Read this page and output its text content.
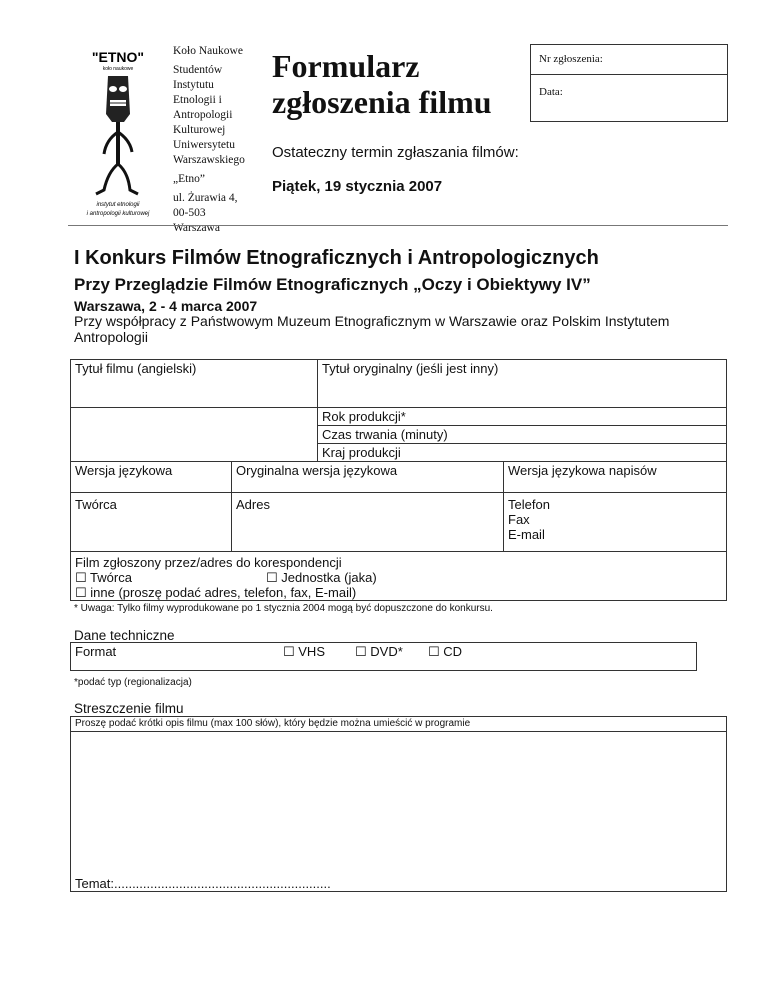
"ETNO"
koło naukowe
instytut etnologii
i antropologii kulturowej
Koło Naukowe
Studentów
Instytutu
Etnologii i
Antropologii
Kulturowej
Uniwersytetu
Warszawskiego
„Etno”
ul. Żurawia 4,
00-503
Warszawa
Formularz
zgłoszenia filmu
Ostateczny termin zgłaszania filmów:
Piątek, 19 stycznia 2007
Nr zgłoszenia:
Data:
I Konkurs Filmów Etnograficznych i Antropologicznych
Przy Przeglądzie Filmów Etnograficznych „Oczy i Obiektywy IV”
Warszawa, 2 - 4 marca 2007
Przy współpracy z Państwowym Muzeum Etnograficznym w Warszawie oraz Polskim Instytutem Antropologii
Tytuł filmu (angielski)	Tytuł oryginalny (jeśli jest inny)
Rok produkcji*
Czas trwania (minuty)
Kraj produkcji
Wersja językowa	Oryginalna wersja językowa	Wersja językowa napisów
Twórca	Adres	Telefon
Fax
E-mail
Film zgłoszony przez/adres do korespondencji
☐ Twórca	☐ Jednostka (jaka)
☐ inne (proszę podać adres, telefon, fax, E-mail)
* Uwaga: Tylko filmy wyprodukowane po 1 stycznia 2004 mogą być dopuszczone do konkursu.
Dane techniczne
Format	☐ VHS ☐ DVD* ☐ CD
*podać typ (regionalizacja)
Streszczenie filmu
Proszę podać krótki opis filmu (max 100 słów), który będzie można umieścić w programie
Temat:............................................................
